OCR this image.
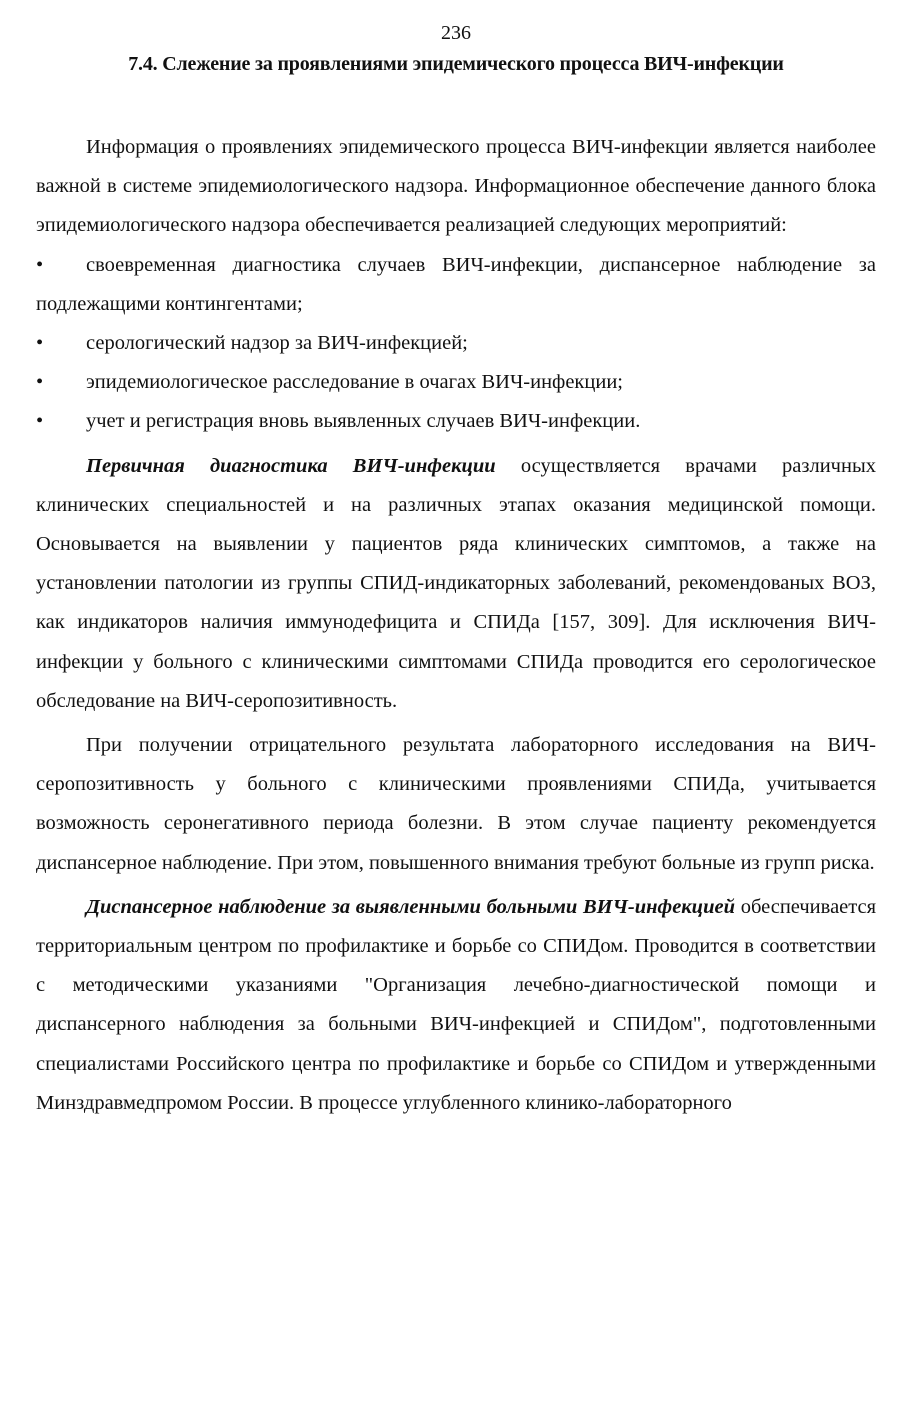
236

7.4. Слежение за проявлениями эпидемического процесса ВИЧ-инфекции

Информация о проявлениях эпидемического процесса ВИЧ-инфекции является наиболее важной в системе эпидемиологического надзора. Информационное обеспечение данного блока эпидемиологического надзора обеспечивается реализацией следующих мероприятий:

• своевременная диагностика случаев ВИЧ-инфекции, диспансерное наблюдение за подлежащими контингентами;
• серологический надзор за ВИЧ-инфекцией;
• эпидемиологическое расследование в очагах ВИЧ-инфекции;
• учет и регистрация вновь выявленных случаев ВИЧ-инфекции.

Первичная диагностика ВИЧ-инфекции осуществляется врачами различных клинических специальностей и на различных этапах оказания медицинской помощи. Основывается на выявлении у пациентов ряда клинических симптомов, а также на установлении патологии из группы СПИД-индикаторных заболеваний, рекомендованых ВОЗ, как индикаторов наличия иммунодефицита и СПИДа [157, 309]. Для исключения ВИЧ-инфекции у больного с клиническими симптомами СПИДа проводится его серологическое обследование на ВИЧ-серопозитивность.

При получении отрицательного результата лабораторного исследования на ВИЧ-серопозитивность у больного с клиническими проявлениями СПИДа, учитывается возможность серонегативного периода болезни. В этом случае пациенту рекомендуется диспансерное наблюдение. При этом, повышенного внимания требуют больные из групп риска.

Диспансерное наблюдение за выявленными больными ВИЧ-инфекцией обеспечивается территориальным центром по профилактике и борьбе со СПИДом. Проводится в соответствии с методическими указаниями "Организация лечебно-диагностической помощи и диспансерного наблюдения за больными ВИЧ-инфекцией и СПИДом", подготовленными специалистами Российского центра по профилактике и борьбе со СПИДом и утвержденными Минздравмедпромом России. В процессе углубленного клинико-лабораторного
